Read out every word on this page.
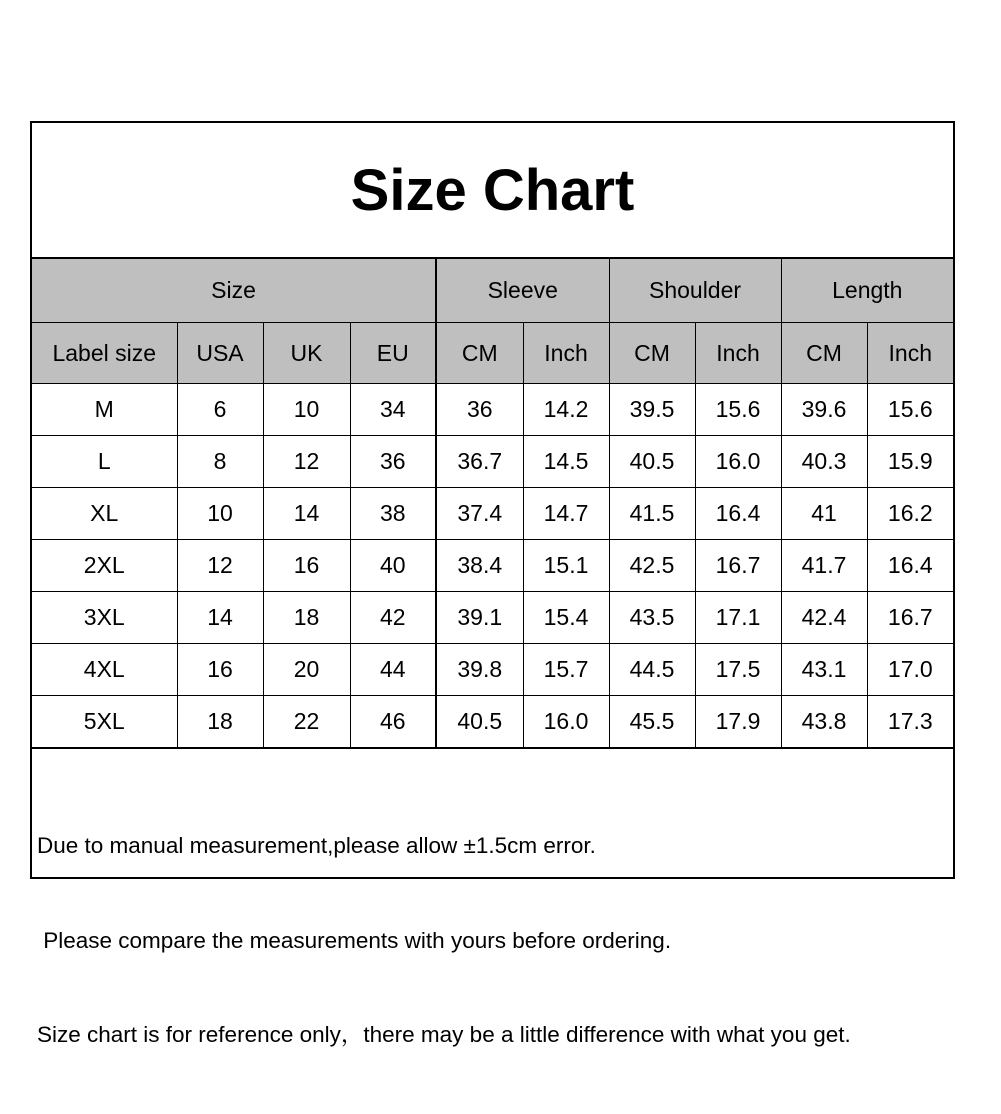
Size Chart
Size				Sleeve		Shoulder		Length	
Label size	USA	UK	EU	CM	Inch	CM	Inch	CM	Inch
M	6	10	34	36	14.2	39.5	15.6	39.6	15.6
L	8	12	36	36.7	14.5	40.5	16.0	40.3	15.9
XL	10	14	38	37.4	14.7	41.5	16.4	41	16.2
2XL	12	16	40	38.4	15.1	42.5	16.7	41.7	16.4
3XL	14	18	42	39.1	15.4	43.5	17.1	42.4	16.7
4XL	16	20	44	39.8	15.7	44.5	17.5	43.1	17.0
5XL	18	22	46	40.5	16.0	45.5	17.9	43.8	17.3

Due to manual measurement,please allow ±1.5cm error.

Please compare the measurements with yours before ordering.

Size chart is for reference only，there may be a little difference with what you get.
